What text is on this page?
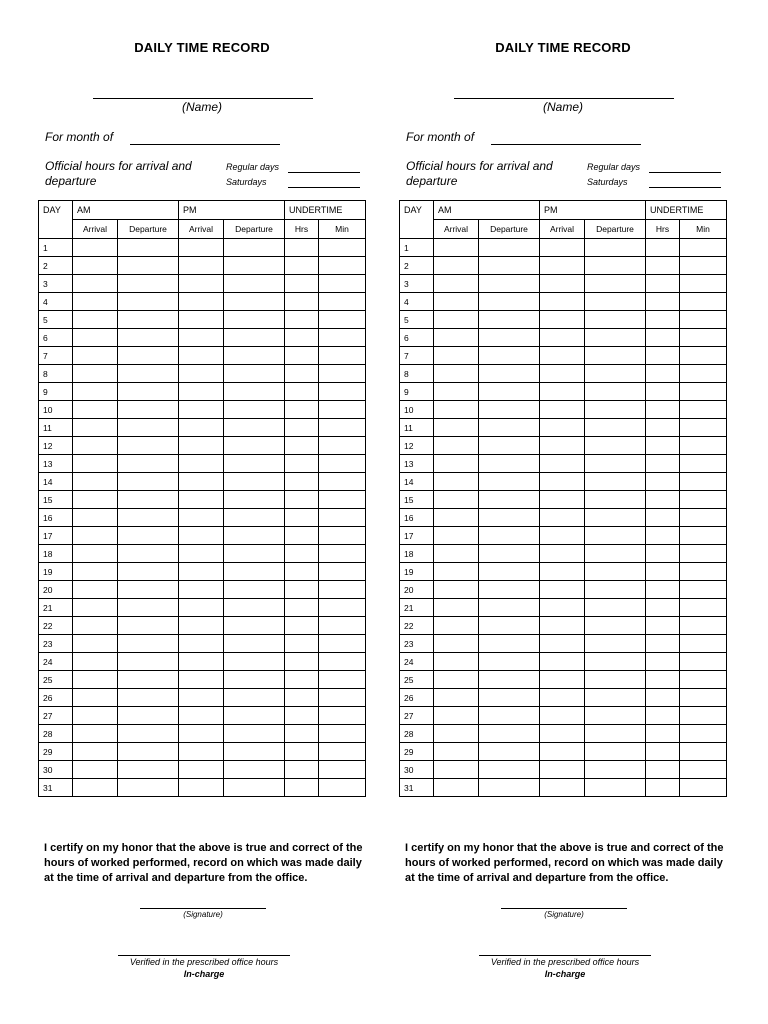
DAILY TIME RECORD
(Name)
For month of
Official hours for arrival and departure
Regular days
Saturdays
DAY	AM		PM		UNDERTIME	
	Arrival	Departure	Arrival	Departure	Hrs	Min
1						
2						
3						
4						
5						
6						
7						
8						
9						
10						
11						
12						
13						
14						
15						
16						
17						
18						
19						
20						
21						
22						
23						
24						
25						
26						
27						
28						
29						
30						
31						
I certify on my honor that the above is true and correct of the hours of worked performed, record on which was made daily at the time of arrival and departure from the office.
(Signature)
Verified in the prescribed office hours
In-charge
DAILY TIME RECORD
(Name)
For month of
Official hours for arrival and departure
Regular days
Saturdays
DAY	AM		PM		UNDERTIME	
	Arrival	Departure	Arrival	Departure	Hrs	Min
1						
2						
3						
4						
5						
6						
7						
8						
9						
10						
11						
12						
13						
14						
15						
16						
17						
18						
19						
20						
21						
22						
23						
24						
25						
26						
27						
28						
29						
30						
31						
I certify on my honor that the above is true and correct of the hours of worked performed, record on which was made daily at the time of arrival and departure from the office.
(Signature)
Verified in the prescribed office hours
In-charge
